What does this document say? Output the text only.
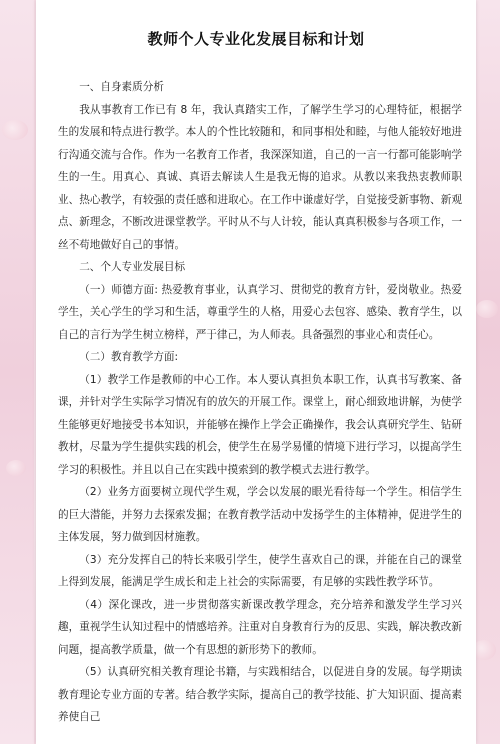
教师个人专业化发展目标和计划

一、自身素质分析

我从事教育工作已有 8 年，我认真踏实工作，了解学生学习的心理特征，根据学生的发展和特点进行教学。本人的个性比较随和，和同事相处和睦，与他人能较好地进行沟通交流与合作。作为一名教育工作者，我深深知道，自己的一言一行都可能影响学生的一生。用真心、真诚、真语去解读人生是我无悔的追求。从教以来我热衷教师职业、热心教学，有较强的责任感和进取心。在工作中谦虚好学，自觉接受新事物、新观点、新理念，不断改进课堂教学。平时从不与人计较，能认真真积极参与各项工作，一丝不苟地做好自己的事情。

二、个人专业发展目标

（一）师德方面: 热爱教育事业，认真学习、贯彻党的教育方针，爱岗敬业。热爱学生，关心学生的学习和生活，尊重学生的人格，用爱心去包容、感染、教育学生，以自己的言行为学生树立榜样，严于律己，为人师表。具备强烈的事业心和责任心。

（二）教育教学方面:

（1）教学工作是教师的中心工作。本人要认真担负本职工作，认真书写教案、备课，并针对学生实际学习情况有的放矢的开展工作。课堂上，耐心细致地讲解，为使学生能够更好地接受书本知识，并能够在操作上学会正确操作，我会认真研究学生、钻研教材，尽量为学生提供实践的机会，使学生在易学易懂的情境下进行学习，以提高学生学习的积极性。并且以自己在实践中摸索到的教学模式去进行教学。

（2）业务方面要树立现代学生观，学会以发展的眼光看待每一个学生。相信学生的巨大潜能，并努力去探索发掘；在教育教学活动中发扬学生的主体精神，促进学生的主体发展，努力做到因材施教。

（3）充分发挥自己的特长来吸引学生，使学生喜欢自己的课，并能在自己的课堂上得到发展，能满足学生成长和走上社会的实际需要，有足够的实践性教学环节。

（4）深化课改，进一步贯彻落实新课改教学理念，充分培养和激发学生学习兴趣，重视学生认知过程中的情感培养。注重对自身教育行为的反思、实践，解决教改新问题，提高教学质量，做一个有思想的新形势下的教师。

（5）认真研究相关教育理论书籍，与实践相结合，以促进自身的发展。每学期读教育理论专业方面的专著。结合教学实际，提高自己的教学技能、扩大知识面、提高素养使自己
